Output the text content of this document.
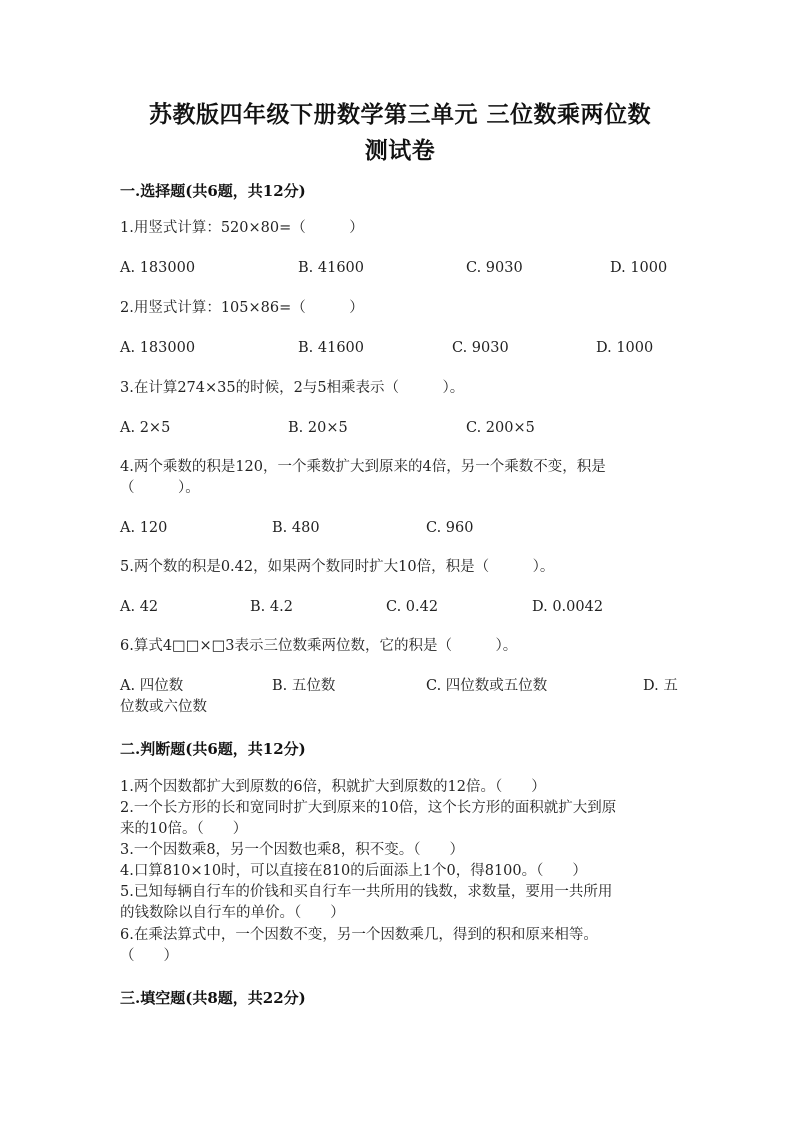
苏教版四年级下册数学第三单元 三位数乘两位数
测试卷
一.选择题(共6题，共12分)
1.用竖式计算：520×80=（　　　）
A. 183000	B. 41600	C. 9030	D. 1000
2.用竖式计算：105×86=（　　　）
A. 183000	B. 41600	C. 9030	D. 1000
3.在计算274×35的时候，2与5相乘表示（　　　）。
A. 2×5	B. 20×5	C. 200×5
4.两个乘数的积是120，一个乘数扩大到原来的4倍，另一个乘数不变，积是
（　　　）。
A. 120	B. 480	C. 960
5.两个数的积是0.42，如果两个数同时扩大10倍，积是（　　　）。
A. 42	B. 4.2	C. 0.42	D. 0.0042
6.算式4□□×□3表示三位数乘两位数，它的积是（　　　）。
A. 四位数	B. 五位数	C. 四位数或五位数	D. 五
位数或六位数
二.判断题(共6题，共12分)
1.两个因数都扩大到原数的6倍，积就扩大到原数的12倍。（　　）
2.一个长方形的长和宽同时扩大到原来的10倍，这个长方形的面积就扩大到原
来的10倍。（　　）
3.一个因数乘8，另一个因数也乘8，积不变。（　　）
4.口算810×10时，可以直接在810的后面添上1个0，得8100。（　　）
5.已知每辆自行车的价钱和买自行车一共所用的钱数，求数量，要用一共所用
的钱数除以自行车的单价。（　　）
6.在乘法算式中，一个因数不变，另一个因数乘几，得到的积和原来相等。
（　　）
三.填空题(共8题，共22分)
